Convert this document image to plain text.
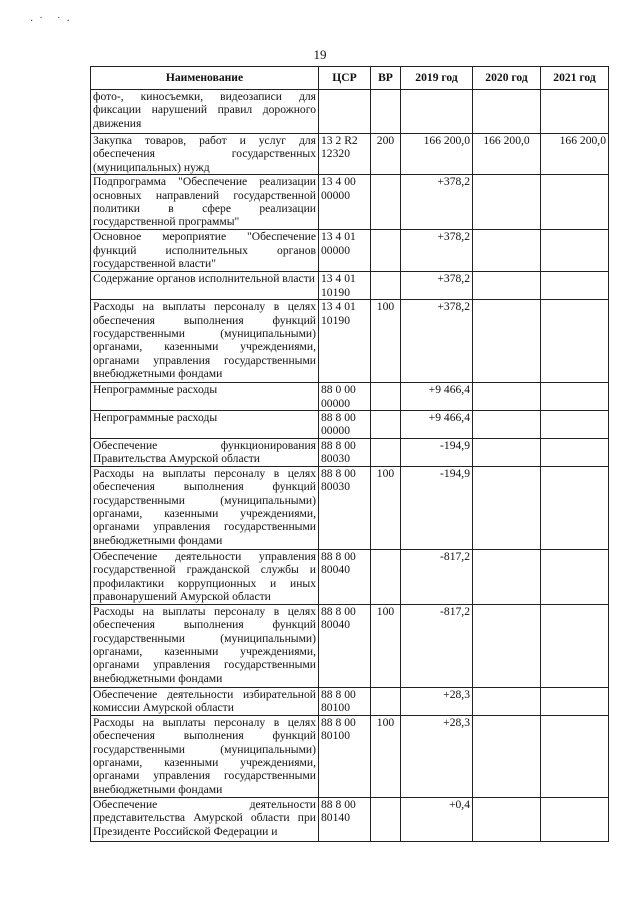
·˙ ˙·
19
Наименование	ЦСР	ВР	2019 год	2020 год	2021 год
фото-, киносъемки, видеозаписи для фиксации нарушений правил дорожного движения					
Закупка товаров, работ и услуг для обеспечения государственных (муниципальных) нужд	13 2 R2 12320	200	166 200,0	166 200,0	166 200,0
Подпрограмма "Обеспечение реализации основных направлений государственной политики в сфере реализации государственной программы"	13 4 00 00000		+378,2		
Основное мероприятие "Обеспечение функций исполнительных органов государственной власти"	13 4 01 00000		+378,2		
Содержание органов исполнительной власти	13 4 01 10190		+378,2		
Расходы на выплаты персоналу в целях обеспечения выполнения функций государственными (муниципальными) органами, казенными учреждениями, органами управления государственными внебюджетными фондами	13 4 01 10190	100	+378,2		
Непрограммные расходы	88 0 00 00000		+9 466,4		
Непрограммные расходы	88 8 00 00000		+9 466,4		
Обеспечение функционирования Правительства Амурской области	88 8 00 80030		-194,9		
Расходы на выплаты персоналу в целях обеспечения выполнения функций государственными (муниципальными) органами, казенными учреждениями, органами управления государственными внебюджетными фондами	88 8 00 80030	100	-194,9		
Обеспечение деятельности управления государственной гражданской службы и профилактики коррупционных и иных правонарушений Амурской области	88 8 00 80040		-817,2		
Расходы на выплаты персоналу в целях обеспечения выполнения функций государственными (муниципальными) органами, казенными учреждениями, органами управления государственными внебюджетными фондами	88 8 00 80040	100	-817,2		
Обеспечение деятельности избирательной комиссии Амурской области	88 8 00 80100		+28,3		
Расходы на выплаты персоналу в целях обеспечения выполнения функций государственными (муниципальными) органами, казенными учреждениями, органами управления государственными внебюджетными фондами	88 8 00 80100	100	+28,3		
Обеспечение деятельности представительства Амурской области при Президенте Российской Федерации и	88 8 00 80140		+0,4		
